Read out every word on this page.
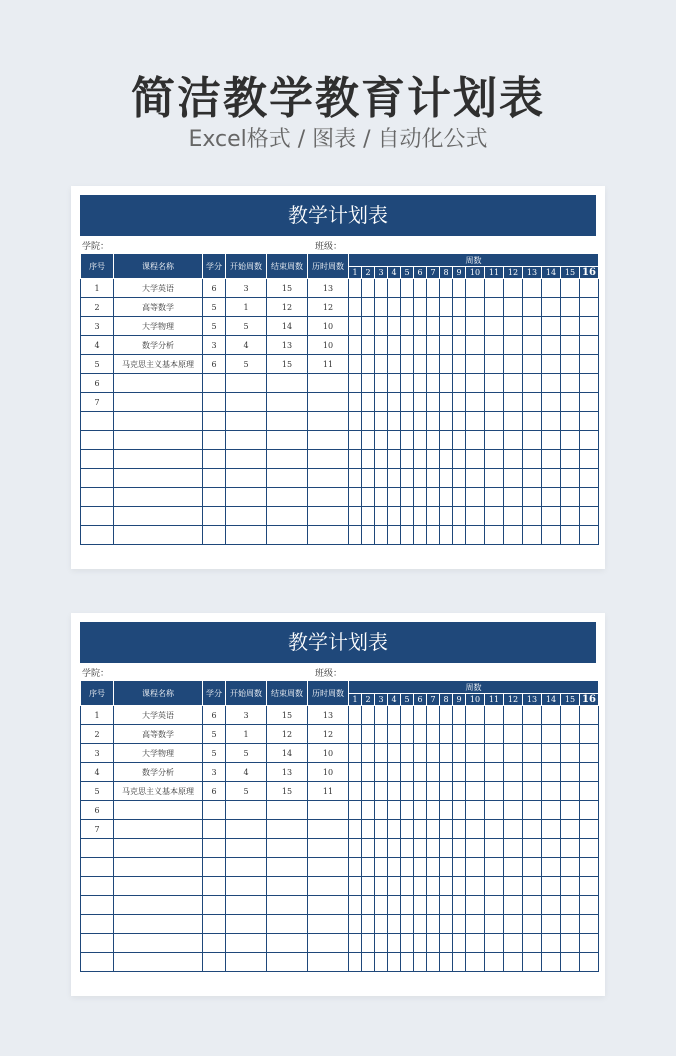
简洁教学教育计划表
Excel格式 / 图表 / 自动化公式
教学计划表
学院：	班级：
序号	课程名称	学分	开始周数	结束周数	历时周数	周数															
						1	2	3	4	5	6	7	8	9	10	11	12	13	14	15	16
1	大学英语	6	3	15	13																
2	高等数学	5	1	12	12																
3	大学物理	5	5	14	10																
4	数学分析	3	4	13	10																
5	马克思主义基本原理	6	5	15	11																
6																					
7																					

教学计划表
学院：	班级：
序号	课程名称	学分	开始周数	结束周数	历时周数	周数															
						1	2	3	4	5	6	7	8	9	10	11	12	13	14	15	16
1	大学英语	6	3	15	13																
2	高等数学	5	1	12	12																
3	大学物理	5	5	14	10																
4	数学分析	3	4	13	10																
5	马克思主义基本原理	6	5	15	11																
6																					
7																					
